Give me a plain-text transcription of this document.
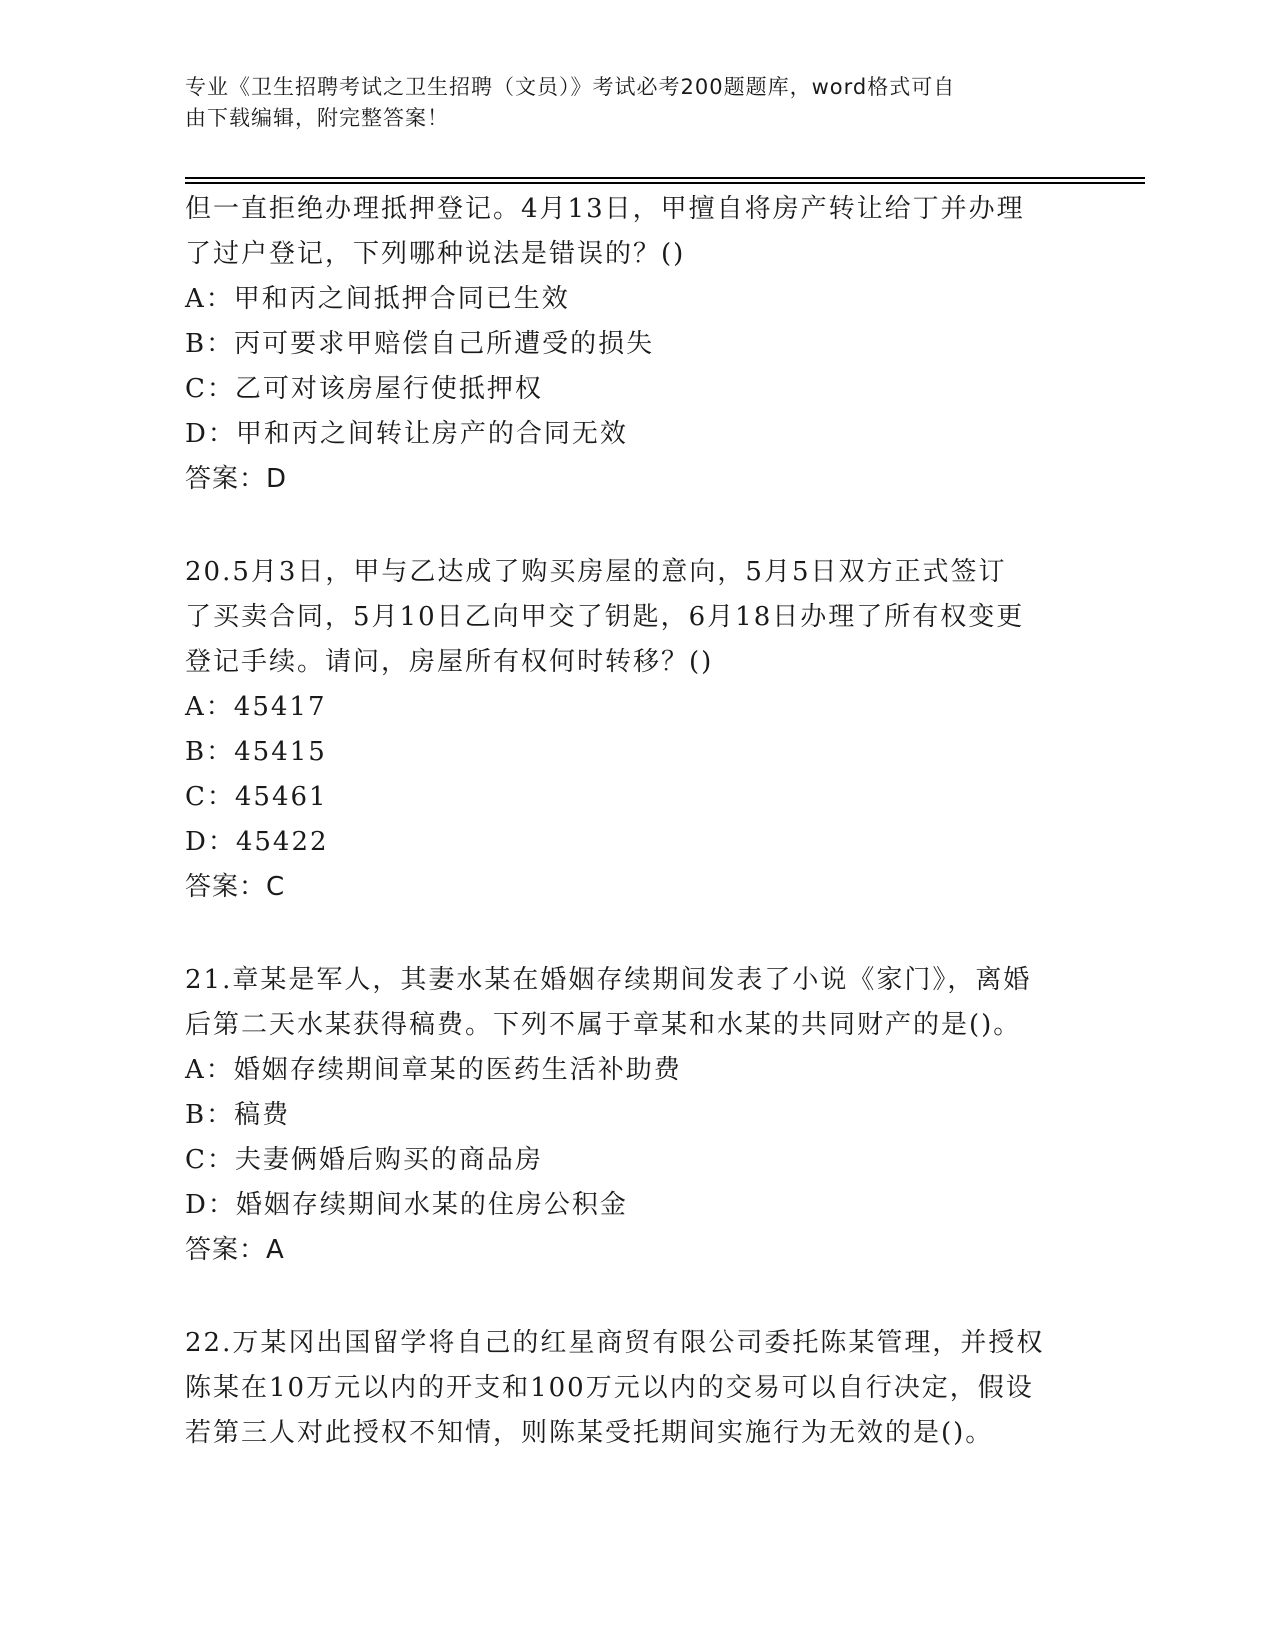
专业《卫生招聘考试之卫生招聘（文员）》考试必考200题题库，word格式可自
由下载编辑，附完整答案！
但一直拒绝办理抵押登记。4月13日，甲擅自将房产转让给丁并办理
了过户登记，下列哪种说法是错误的？()
A：甲和丙之间抵押合同已生效
B：丙可要求甲赔偿自己所遭受的损失
C：乙可对该房屋行使抵押权
D：甲和丙之间转让房产的合同无效
答案：D
20.5月3日，甲与乙达成了购买房屋的意向，5月5日双方正式签订
了买卖合同，5月10日乙向甲交了钥匙，6月18日办理了所有权变更
登记手续。请问，房屋所有权何时转移？()
A：45417
B：45415
C：45461
D：45422
答案：C
21.章某是军人，其妻水某在婚姻存续期间发表了小说《家门》，离婚
后第二天水某获得稿费。下列不属于章某和水某的共同财产的是()。
A：婚姻存续期间章某的医药生活补助费
B：稿费
C：夫妻俩婚后购买的商品房
D：婚姻存续期间水某的住房公积金
答案：A
22.万某冈出国留学将自己的红星商贸有限公司委托陈某管理，并授权
陈某在10万元以内的开支和100万元以内的交易可以自行决定，假设
若第三人对此授权不知情，则陈某受托期间实施行为无效的是()。
